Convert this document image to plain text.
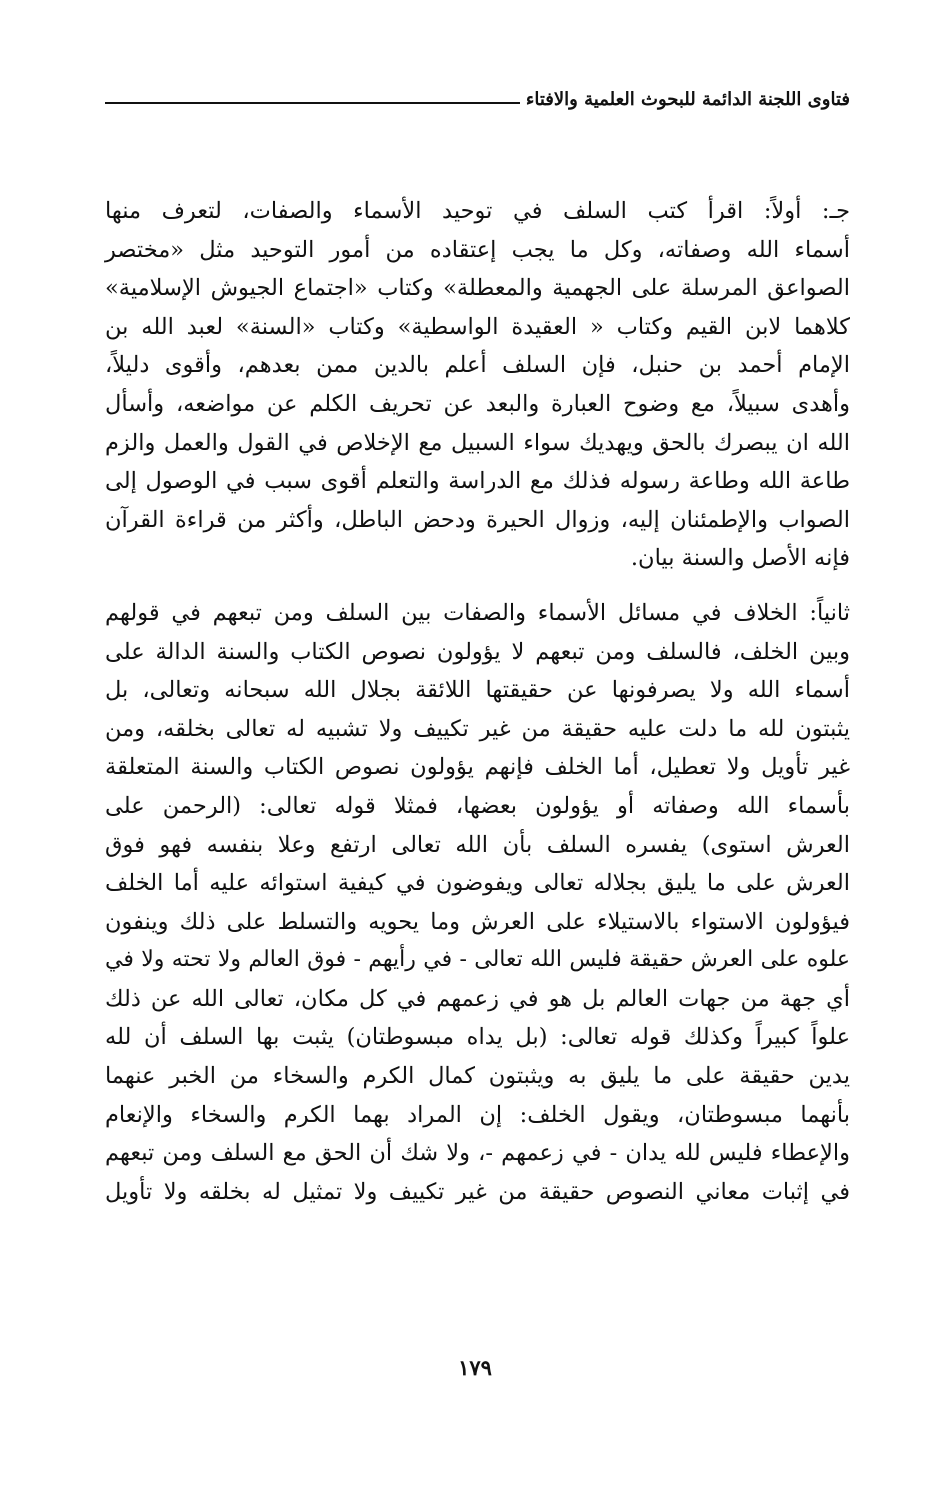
فتاوى اللجنة الدائمة للبحوث العلمية والافتاء

جـ: أولاً: اقرأ كتب السلف في توحيد الأسماء والصفات، لتعرف منها
أسماء الله وصفاته، وكل ما يجب إعتقاده من أمور التوحيد مثل «مختصر
الصواعق المرسلة على الجهمية والمعطلة» وكتاب «اجتماع الجيوش الإسلامية»
كلاهما لابن القيم وكتاب « العقيدة الواسطية» وكتاب «السنة» لعبد الله بن
الإمام أحمد بن حنبل، فإن السلف أعلم بالدين ممن بعدهم، وأقوى دليلاً،
وأهدى سبيلاً، مع وضوح العبارة والبعد عن تحريف الكلم عن مواضعه، وأسأل
الله ان يبصرك بالحق ويهديك سواء السبيل مع الإخلاص في القول والعمل والزم
طاعة الله وطاعة رسوله فذلك مع الدراسة والتعلم أقوى سبب في الوصول إلى
الصواب والإطمئنان إليه، وزوال الحيرة ودحض الباطل، وأكثر من قراءة القرآن
فإنه الأصل والسنة بيان.

ثانياً: الخلاف في مسائل الأسماء والصفات بين السلف ومن تبعهم في قولهم
وبين الخلف، فالسلف ومن تبعهم لا يؤولون نصوص الكتاب والسنة الدالة على
أسماء الله ولا يصرفونها عن حقيقتها اللائقة بجلال الله سبحانه وتعالى، بل
يثبتون لله ما دلت عليه حقيقة من غير تكييف ولا تشبيه له تعالى بخلقه، ومن
غير تأويل ولا تعطيل، أما الخلف فإنهم يؤولون نصوص الكتاب والسنة المتعلقة
بأسماء الله وصفاته أو يؤولون بعضها، فمثلا قوله تعالى: (الرحمن على
العرش استوى) يفسره السلف بأن الله تعالى ارتفع وعلا بنفسه فهو فوق
العرش على ما يليق بجلاله تعالى ويفوضون في كيفية استوائه عليه أما الخلف
فيؤولون الاستواء بالاستيلاء على العرش وما يحويه والتسلط على ذلك وينفون
علوه على العرش حقيقة فليس الله تعالى - في رأيهم - فوق العالم ولا تحته ولا في
أي جهة من جهات العالم بل هو في زعمهم في كل مكان، تعالى الله عن ذلك
علواً كبيراً وكذلك قوله تعالى: (بل يداه مبسوطتان) يثبت بها السلف أن لله
يدين حقيقة على ما يليق به ويثبتون كمال الكرم والسخاء من الخبر عنهما
بأنهما مبسوطتان، ويقول الخلف: إن المراد بهما الكرم والسخاء والإنعام
والإعطاء فليس لله يدان - في زعمهم -، ولا شك أن الحق مع السلف ومن تبعهم
في إثبات معاني النصوص حقيقة من غير تكييف ولا تمثيل له بخلقه ولا تأويل

١٧٩
